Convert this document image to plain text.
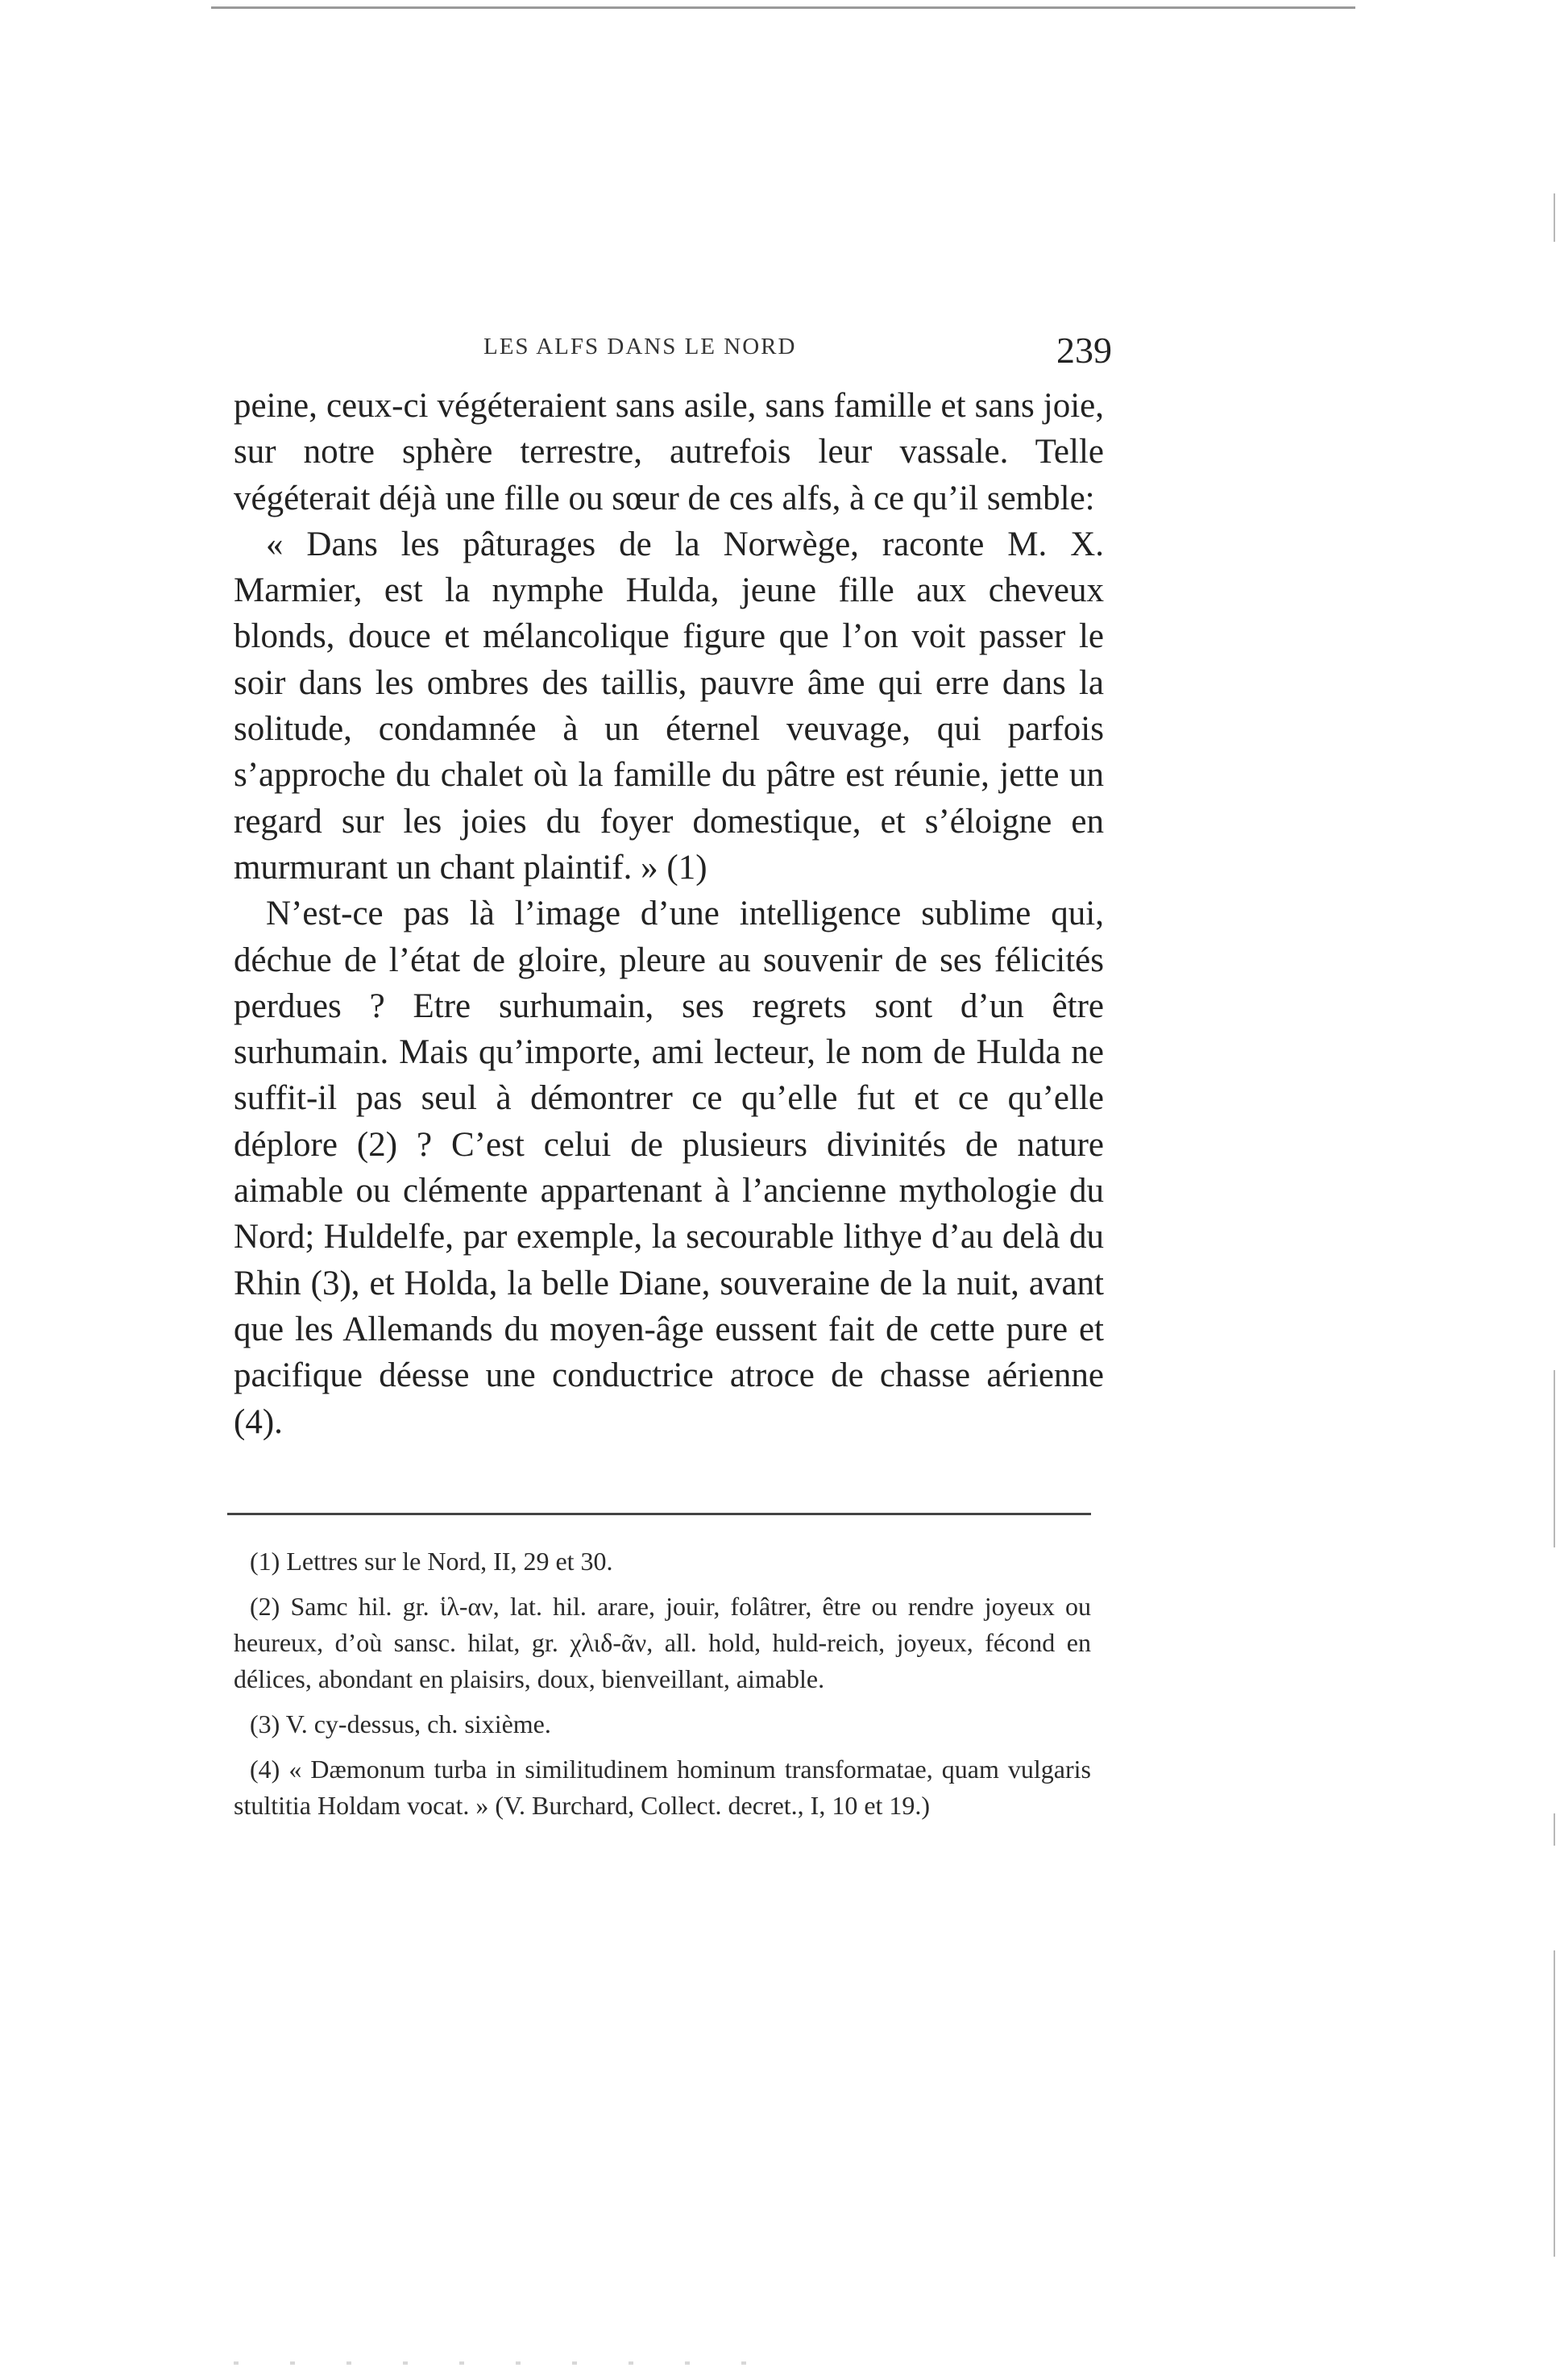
LES ALFS DANS LE NORD	239

peine, ceux-ci végéteraient sans asile, sans famille et sans joie, sur notre sphère terrestre, autrefois leur vassale. Telle végéterait déjà une fille ou sœur de ces alfs, à ce qu’il semble:

« Dans les pâturages de la Norwège, raconte M. X. Marmier, est la nymphe Hulda, jeune fille aux cheveux blonds, douce et mélancolique figure que l’on voit passer le soir dans les ombres des taillis, pauvre âme qui erre dans la solitude, condamnée à un éternel veuvage, qui parfois s’approche du chalet où la famille du pâtre est réunie, jette un regard sur les joies du foyer domestique, et s’éloigne en murmurant un chant plaintif. » (1)

N’est-ce pas là l’image d’une intelligence sublime qui, déchue de l’état de gloire, pleure au souvenir de ses félicités perdues ? Etre surhumain, ses regrets sont d’un être surhumain. Mais qu’importe, ami lecteur, le nom de Hulda ne suffit-il pas seul à démontrer ce qu’elle fut et ce qu’elle déplore (2) ? C’est celui de plusieurs divinités de nature aimable ou clémente appartenant à l’ancienne mythologie du Nord; Huldelfe, par exemple, la secourable lithye d’au delà du Rhin (3), et Holda, la belle Diane, souveraine de la nuit, avant que les Allemands du moyen-âge eussent fait de cette pure et pacifique déesse une conductrice atroce de chasse aérienne (4).

(1) Lettres sur le Nord, II, 29 et 30.

(2) Samc hil. gr. ἱλ-αν, lat. hil. arare, jouir, folâtrer, être ou rendre joyeux ou heureux, d’où sansc. hilat, gr. χλιδ-ᾶν, all. hold, huld-reich, joyeux, fécond en délices, abondant en plaisirs, doux, bienveillant, aimable.

(3) V. cy-dessus, ch. sixième.

(4) « Dæmonum turba in similitudinem hominum transformatae, quam vulgaris stultitia Holdam vocat. » (V. Burchard, Collect. decret., I, 10 et 19.)
